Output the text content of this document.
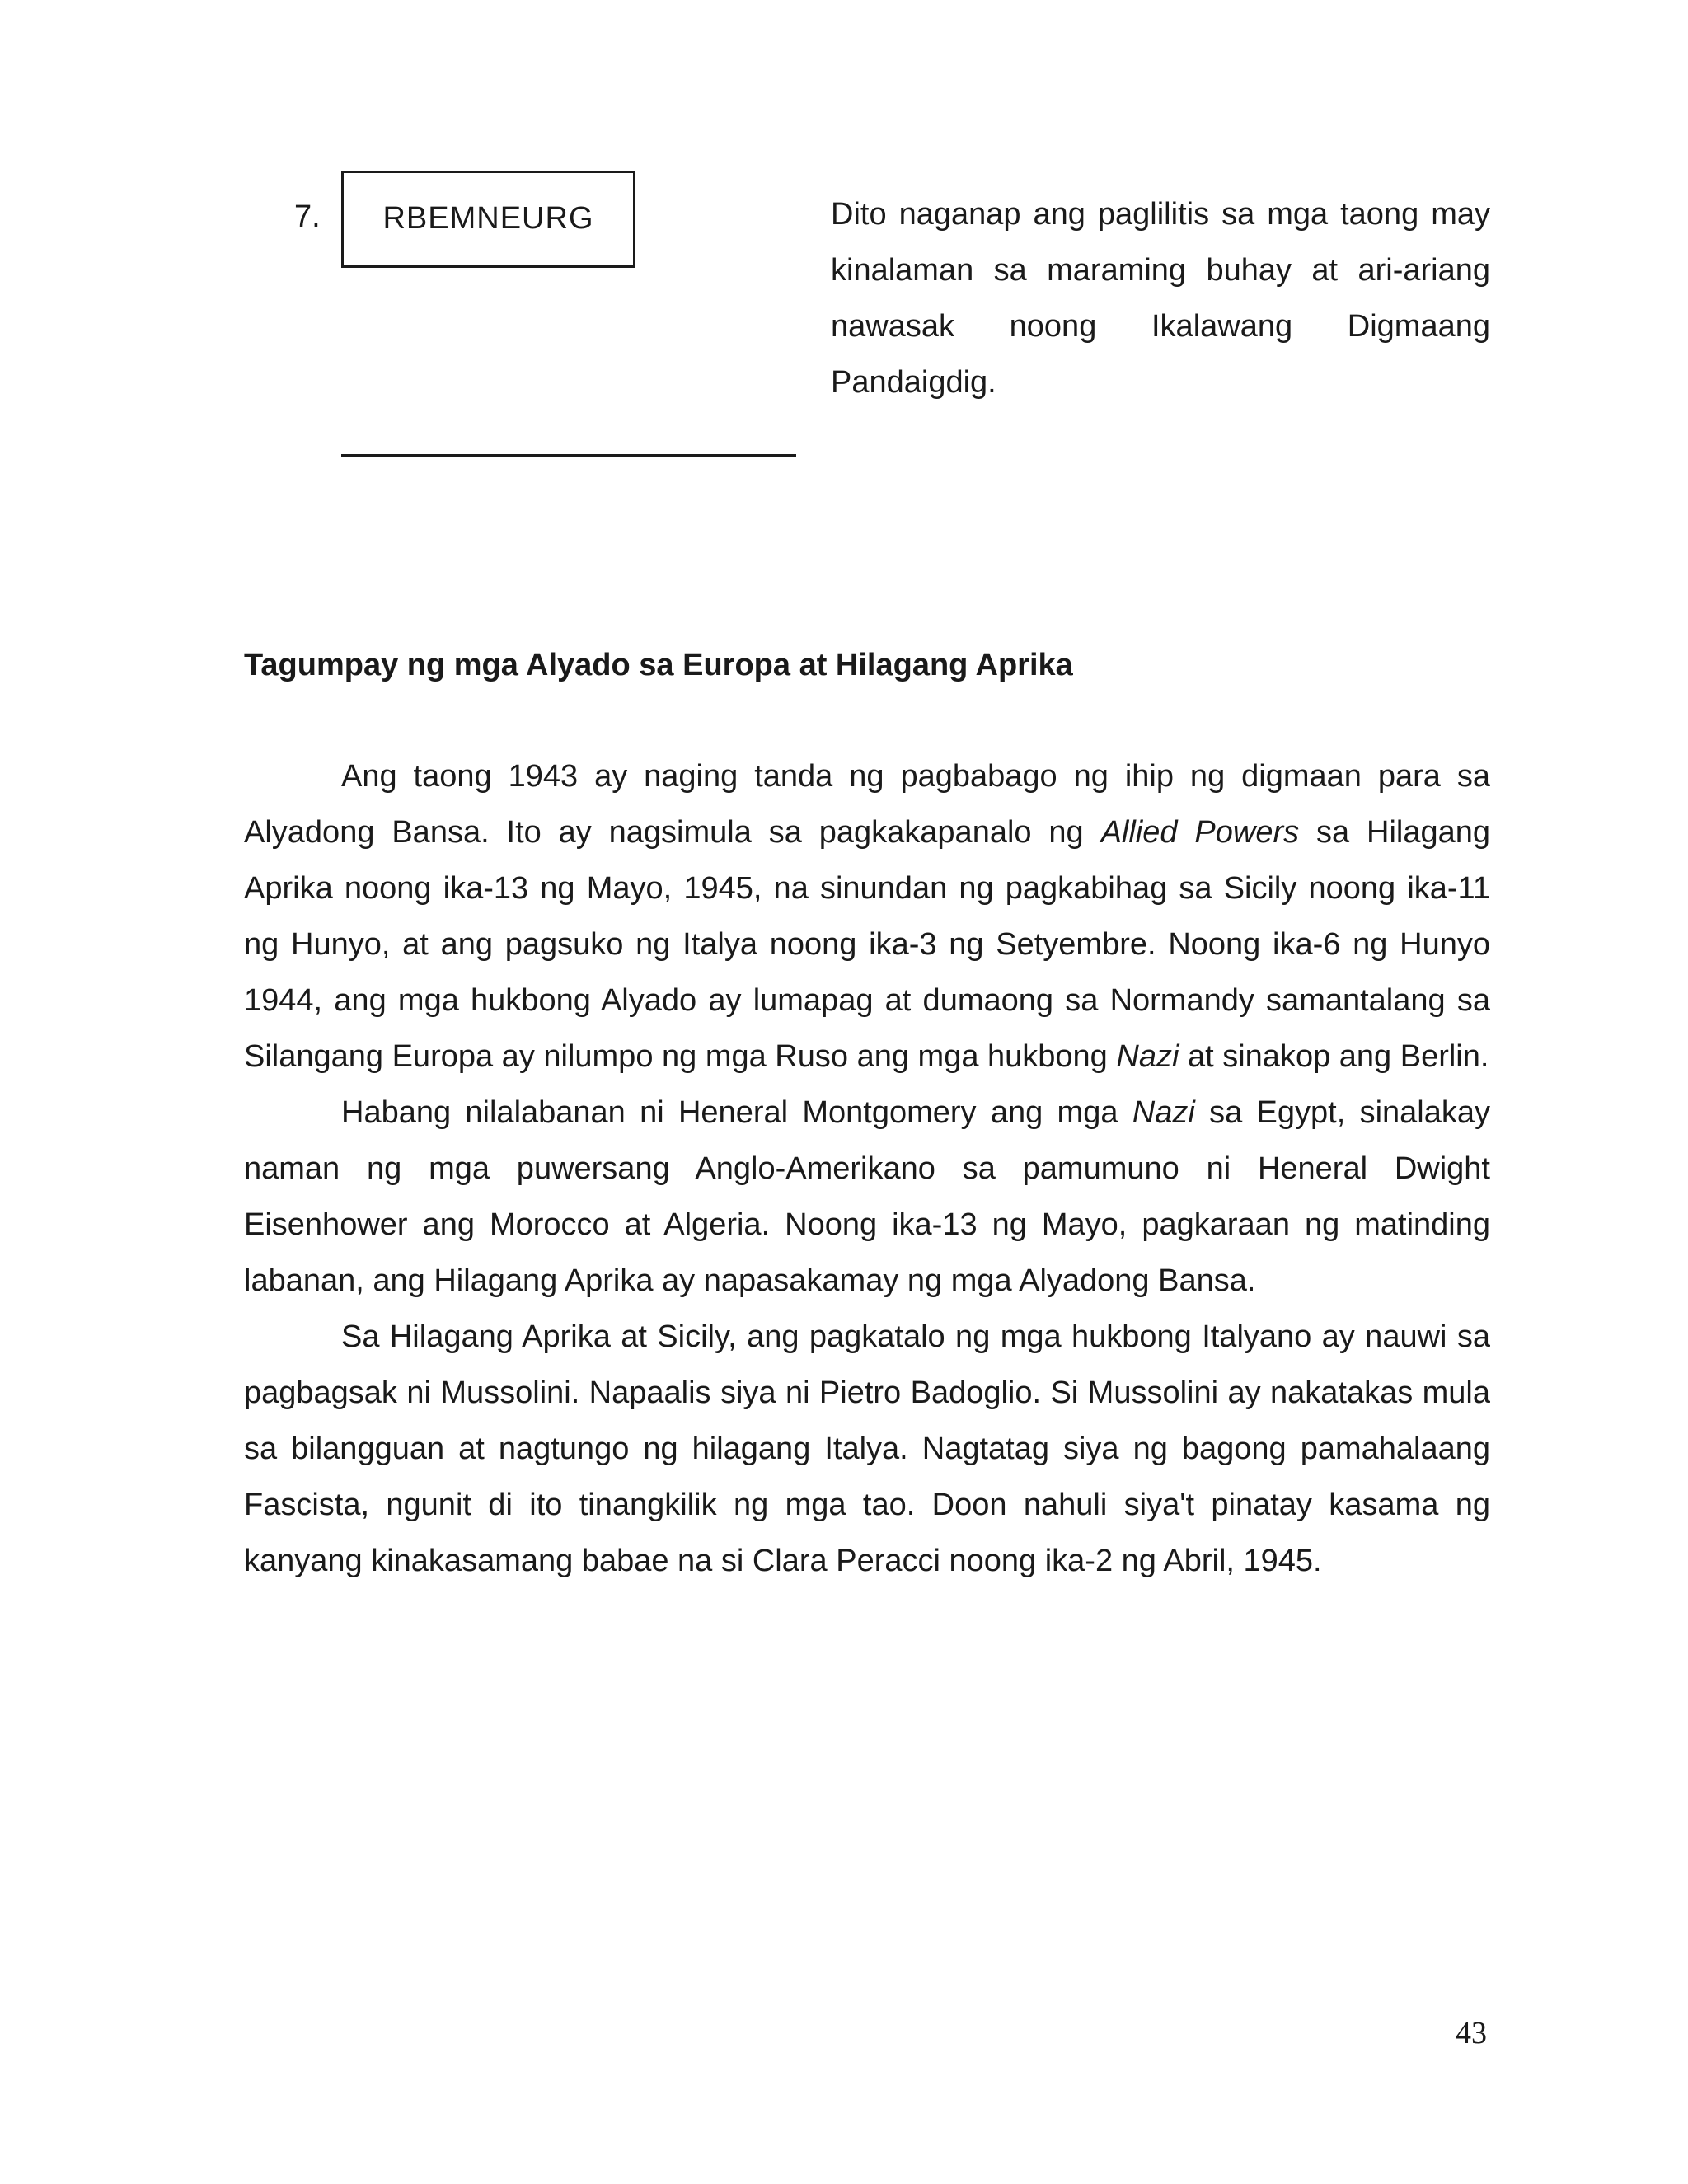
7.	RBEMNEURG	Dito naganap ang paglilitis sa mga taong may kinalaman sa maraming buhay at ari-ariang nawasak noong Ikalawang Digmaang Pandaigdig.

Tagumpay ng mga Alyado sa Europa at Hilagang Aprika

Ang taong 1943 ay naging tanda ng pagbabago ng ihip ng digmaan para sa Alyadong Bansa. Ito ay nagsimula sa pagkakapanalo ng Allied Powers sa Hilagang Aprika noong ika-13 ng Mayo, 1945, na sinundan ng pagkabihag sa Sicily noong ika-11 ng Hunyo, at ang pagsuko ng Italya noong ika-3 ng Setyembre. Noong ika-6 ng Hunyo 1944, ang mga hukbong Alyado ay lumapag at dumaong sa Normandy samantalang sa Silangang Europa ay nilumpo ng mga Ruso ang mga hukbong Nazi at sinakop ang Berlin.

Habang nilalabanan ni Heneral Montgomery ang mga Nazi sa Egypt, sinalakay naman ng mga puwersang Anglo-Amerikano sa pamumuno ni Heneral Dwight Eisenhower ang Morocco at Algeria. Noong ika-13 ng Mayo, pagkaraan ng matinding labanan, ang Hilagang Aprika ay napasakamay ng mga Alyadong Bansa.

Sa Hilagang Aprika at Sicily, ang pagkatalo ng mga hukbong Italyano ay nauwi sa pagbagsak ni Mussolini. Napaalis siya ni Pietro Badoglio. Si Mussolini ay nakatakas mula sa bilangguan at nagtungo ng hilagang Italya. Nagtatag siya ng bagong pamahalaang Fascista, ngunit di ito tinangkilik ng mga tao. Doon nahuli siya't pinatay kasama ng kanyang kinakasamang babae na si Clara Peracci noong ika-2 ng Abril, 1945.

43
